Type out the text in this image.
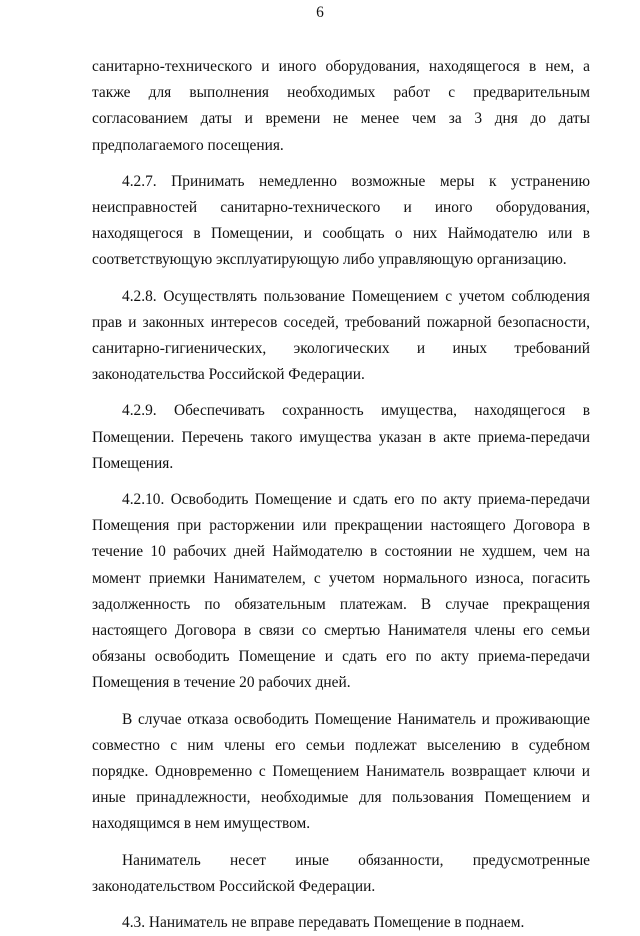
6

санитарно-технического и иного оборудования, находящегося в нем, а также для выполнения необходимых работ с предварительным согласованием даты и времени не менее чем за 3 дня до даты предполагаемого посещения.

4.2.7. Принимать немедленно возможные меры к устранению неисправностей санитарно-технического и иного оборудования, находящегося в Помещении, и сообщать о них Наймодателю или в соответствующую эксплуатирующую либо управляющую организацию.

4.2.8. Осуществлять пользование Помещением с учетом соблюдения прав и законных интересов соседей, требований пожарной безопасности, санитарно-гигиенических, экологических и иных требований законодательства Российской Федерации.

4.2.9. Обеспечивать сохранность имущества, находящегося в Помещении. Перечень такого имущества указан в акте приема-передачи Помещения.

4.2.10. Освободить Помещение и сдать его по акту приема-передачи Помещения при расторжении или прекращении настоящего Договора в течение 10 рабочих дней Наймодателю в состоянии не худшем, чем на момент приемки Нанимателем, с учетом нормального износа, погасить задолженность по обязательным платежам. В случае прекращения настоящего Договора в связи со смертью Нанимателя члены его семьи обязаны освободить Помещение и сдать его по акту приема-передачи Помещения в течение 20 рабочих дней.

В случае отказа освободить Помещение Наниматель и проживающие совместно с ним члены его семьи подлежат выселению в судебном порядке. Одновременно с Помещением Наниматель возвращает ключи и иные принадлежности, необходимые для пользования Помещением и находящимся в нем имуществом.

Наниматель несет иные обязанности, предусмотренные законодательством Российской Федерации.

4.3. Наниматель не вправе передавать Помещение в поднаем.
